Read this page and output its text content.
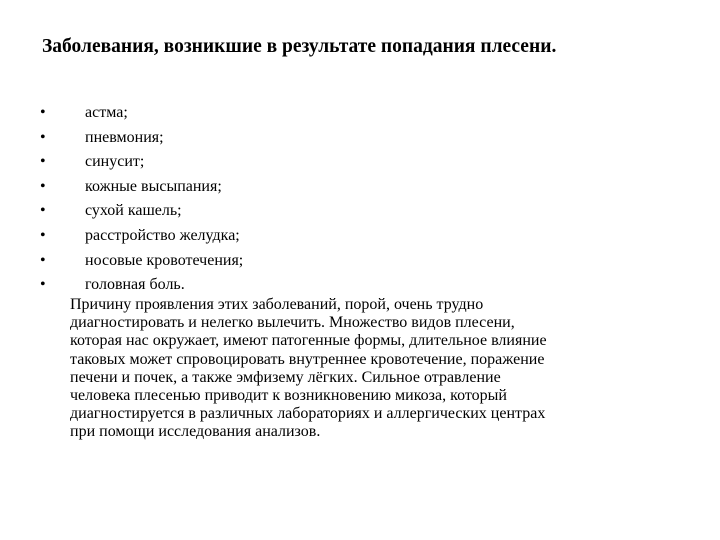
Заболевания, возникшие в результате попадания плесени.
• астма;
• пневмония;
• синусит;
• кожные высыпания;
• сухой кашель;
• расстройство желудка;
• носовые кровотечения;
• головная боль.
Причину проявления этих заболеваний, порой, очень трудно
диагностировать и нелегко вылечить. Множество видов плесени,
которая нас окружает, имеют патогенные формы, длительное влияние
таковых может спровоцировать внутреннее кровотечение, поражение
печени и почек, а также эмфизему лёгких. Сильное отравление
человека плесенью приводит к возникновению микоза, который
диагностируется в различных лабораториях и аллергических центрах
при помощи исследования анализов.
